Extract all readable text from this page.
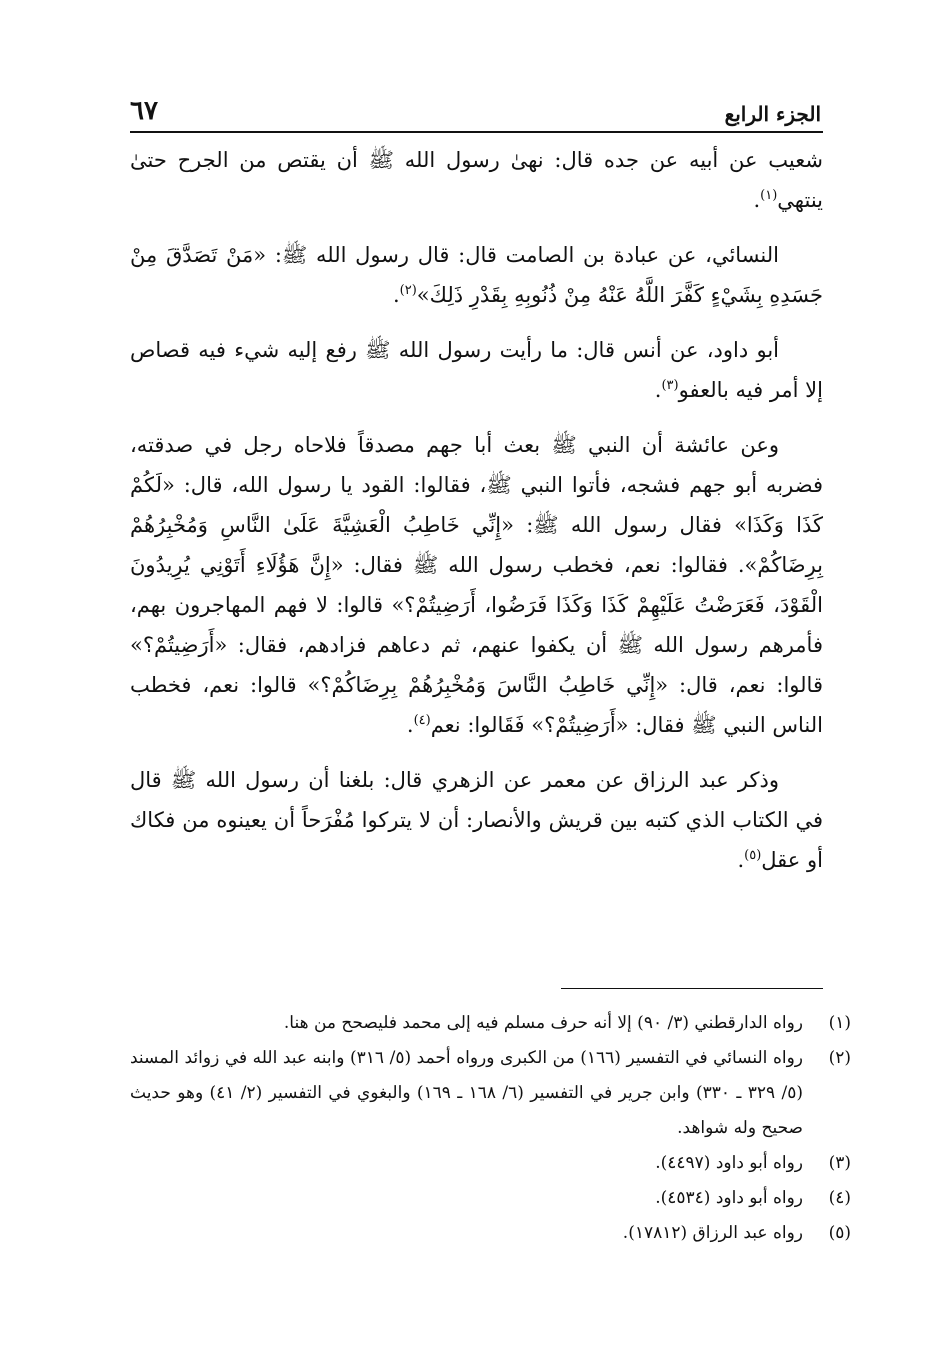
٦٧	الجزء الرابع

شعيب عن أبيه عن جده قال: نهىٰ رسول الله ﷺ أن يقتص من الجرح حتىٰ ينتهي$^{(١)}$.

النسائي، عن عبادة بن الصامت قال: قال رسول الله ﷺ: «مَنْ تَصَدَّقَ مِنْ جَسَدِهِ بِشَيْءٍ كَفَّرَ اللَّهُ عَنْهُ مِنْ ذُنُوبِهِ بِقَدْرِ ذَلِكَ»$^{(٢)}$.

أبو داود، عن أنس قال: ما رأيت رسول الله ﷺ رفع إليه شيء فيه قصاص إلا أمر فيه بالعفو$^{(٣)}$.

وعن عائشة أن النبي ﷺ بعث أبا جهم مصدقاً فلاحاه رجل في صدقته، فضربه أبو جهم فشجه، فأتوا النبي ﷺ، فقالوا: القود يا رسول الله، قال: «لَكُمْ كَذَا وَكَذَا» فقال رسول الله ﷺ: «إِنِّي خَاطِبُ الْعَشِيَّةَ عَلَىٰ النَّاسِ وَمُخْبِرُهُمْ بِرِضَاكُمْ». فقالوا: نعم، فخطب رسول الله ﷺ فقال: «إِنَّ هَؤُلَاءِ أَتَوْنِي يُرِيدُونَ الْقَوْدَ، فَعَرَضْتُ عَلَيْهِمْ كَذَا وَكَذَا فَرَضُوا، أَرَضِيتُمْ؟» قالوا: لا فهم المهاجرون بهم، فأمرهم رسول الله ﷺ أن يكفوا عنهم، ثم دعاهم فزادهم، فقال: «أَرَضِيتُمْ؟» قالوا: نعم، قال: «إِنِّي خَاطِبُ النَّاسَ وَمُخْبِرُهُمْ بِرِضَاكُمْ؟» قالوا: نعم، فخطب الناس النبي ﷺ فقال: «أَرَضِيتُمْ؟» فَقَالوا: نعم$^{(٤)}$.

وذكر عبد الرزاق عن معمر عن الزهري قال: بلغنا أن رسول الله ﷺ قال في الكتاب الذي كتبه بين قريش والأنصار: أن لا يتركوا مُفْرَحاً أن يعينوه من فكاك أو عقل$^{(٥)}$.

(١)
رواه الدارقطني (٣/ ٩٠) إلا أنه حرف مسلم فيه إلى محمد فليصحح من هنا.
(٢)
رواه النسائي في التفسير (١٦٦) من الكبرى ورواه أحمد (٥/ ٣١٦) وابنه عبد الله في زوائد المسند (٥/ ٣٢٩ ـ ٣٣٠) وابن جرير في التفسير (٦/ ١٦٨ ـ ١٦٩) والبغوي في التفسير (٢/ ٤١) وهو حديث صحيح وله شواهد.
(٣)
رواه أبو داود (٤٤٩٧).
(٤)
رواه أبو داود (٤٥٣٤).
(٥)
رواه عبد الرزاق (١٧٨١٢).
